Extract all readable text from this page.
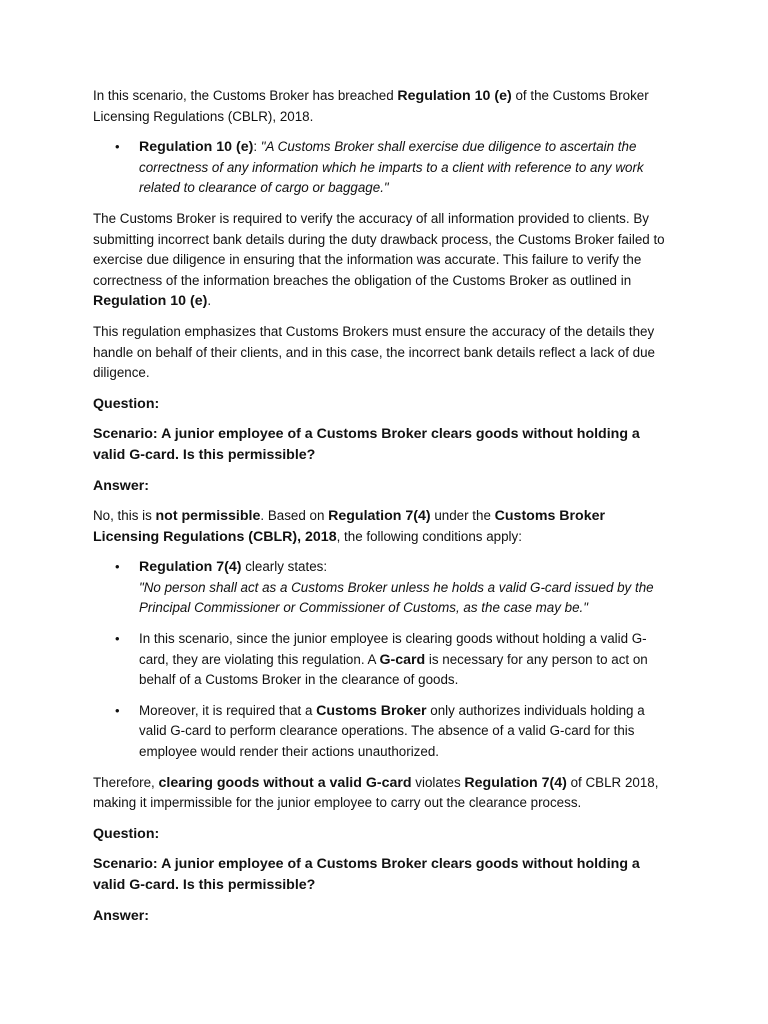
In this scenario, the Customs Broker has breached Regulation 10 (e) of the Customs Broker Licensing Regulations (CBLR), 2018.

• Regulation 10 (e): "A Customs Broker shall exercise due diligence to ascertain the correctness of any information which he imparts to a client with reference to any work related to clearance of cargo or baggage."

The Customs Broker is required to verify the accuracy of all information provided to clients. By submitting incorrect bank details during the duty drawback process, the Customs Broker failed to exercise due diligence in ensuring that the information was accurate. This failure to verify the correctness of the information breaches the obligation of the Customs Broker as outlined in Regulation 10 (e).

This regulation emphasizes that Customs Brokers must ensure the accuracy of the details they handle on behalf of their clients, and in this case, the incorrect bank details reflect a lack of due diligence.

Question:

Scenario: A junior employee of a Customs Broker clears goods without holding a valid G-card. Is this permissible?

Answer:

No, this is not permissible. Based on Regulation 7(4) under the Customs Broker Licensing Regulations (CBLR), 2018, the following conditions apply:

• Regulation 7(4) clearly states:
"No person shall act as a Customs Broker unless he holds a valid G-card issued by the Principal Commissioner or Commissioner of Customs, as the case may be."
• In this scenario, since the junior employee is clearing goods without holding a valid G-card, they are violating this regulation. A G-card is necessary for any person to act on behalf of a Customs Broker in the clearance of goods.
• Moreover, it is required that a Customs Broker only authorizes individuals holding a valid G-card to perform clearance operations. The absence of a valid G-card for this employee would render their actions unauthorized.

Therefore, clearing goods without a valid G-card violates Regulation 7(4) of CBLR 2018, making it impermissible for the junior employee to carry out the clearance process.

Question:

Scenario: A junior employee of a Customs Broker clears goods without holding a valid G-card. Is this permissible?

Answer:
